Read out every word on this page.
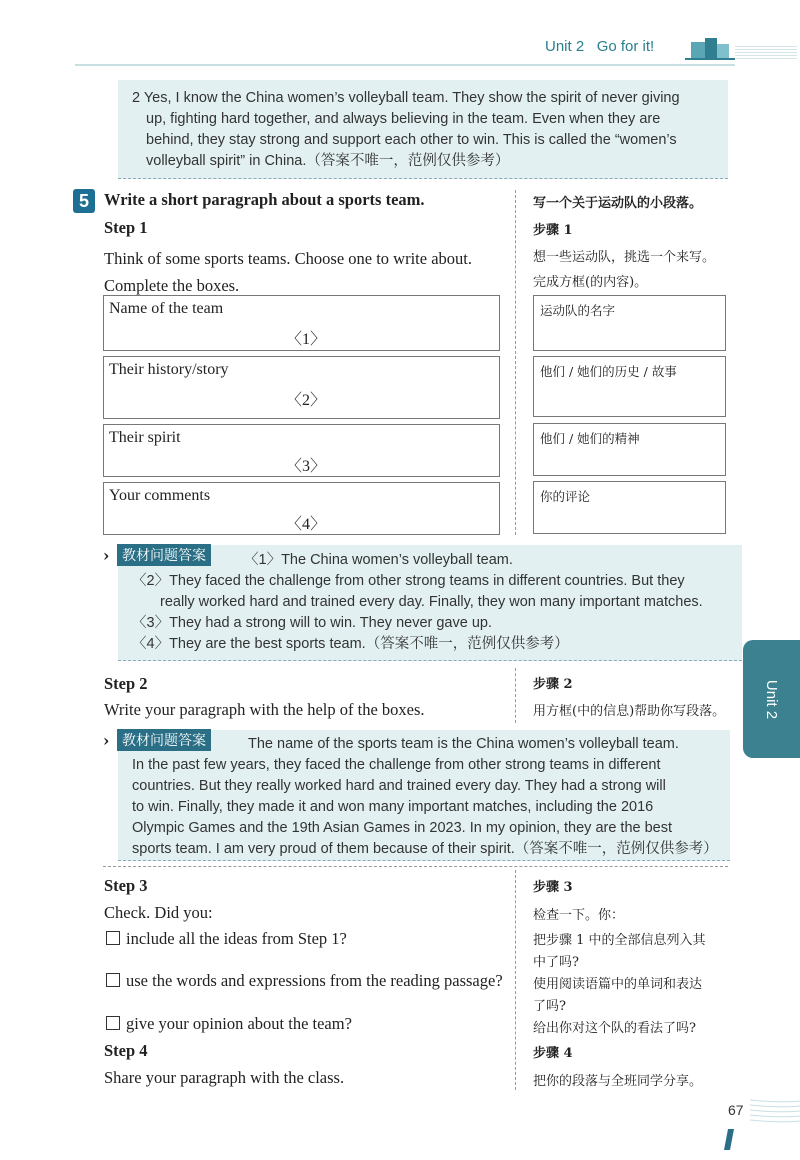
Unit 2 Go for it!
2 Yes, I know the China women’s volleyball team. They show the spirit of never giving
up, fighting hard together, and always believing in the team. Even when they are
behind, they stay strong and support each other to win. This is called the “women’s
volleyball spirit” in China.（答案不唯一，范例仅供参考）
5 Write a short paragraph about a sports team.	写一个关于运动队的小段落。
Step 1	步骤 1
Think of some sports teams. Choose one to write about.
Complete the boxes.
想一些运动队，挑选一个来写。
完成方框(的内容)。
Name of the team
〈1〉
Their history/story
〈2〉
Their spirit
〈3〉
Your comments
〈4〉
运动队的名字
他们 / 她们的历史 / 故事
他们 / 她们的精神
你的评论
› 教材问题答案	〈1〉The China women’s volleyball team.
〈2〉They faced the challenge from other strong teams in different countries. But they
really worked hard and trained every day. Finally, they won many important matches.
〈3〉They had a strong will to win. They never gave up.
〈4〉They are the best sports team.（答案不唯一，范例仅供参考）
Step 2	步骤 2
Write your paragraph with the help of the boxes.	用方框(中的信息)帮助你写段落。
› 教材问题答案	The name of the sports team is the China women’s volleyball team.
In the past few years, they faced the challenge from other strong teams in different
countries. But they really worked hard and trained every day. They had a strong will
to win. Finally, they made it and won many important matches, including the 2016
Olympic Games and the 19th Asian Games in 2023. In my opinion, they are the best
sports team. I am very proud of them because of their spirit.（答案不唯一，范例仅供参考）
Step 3	步骤 3
Check. Did you:	检查一下。你：
include all the ideas from Step 1?
use the words and expressions from the reading passage?
give your opinion about the team?
把步骤 1 中的全部信息列入其
中了吗?
使用阅读语篇中的单词和表达
了吗?
给出你对这个队的看法了吗?
Step 4	步骤 4
Share your paragraph with the class.	把你的段落与全班同学分享。
Unit 2
67
